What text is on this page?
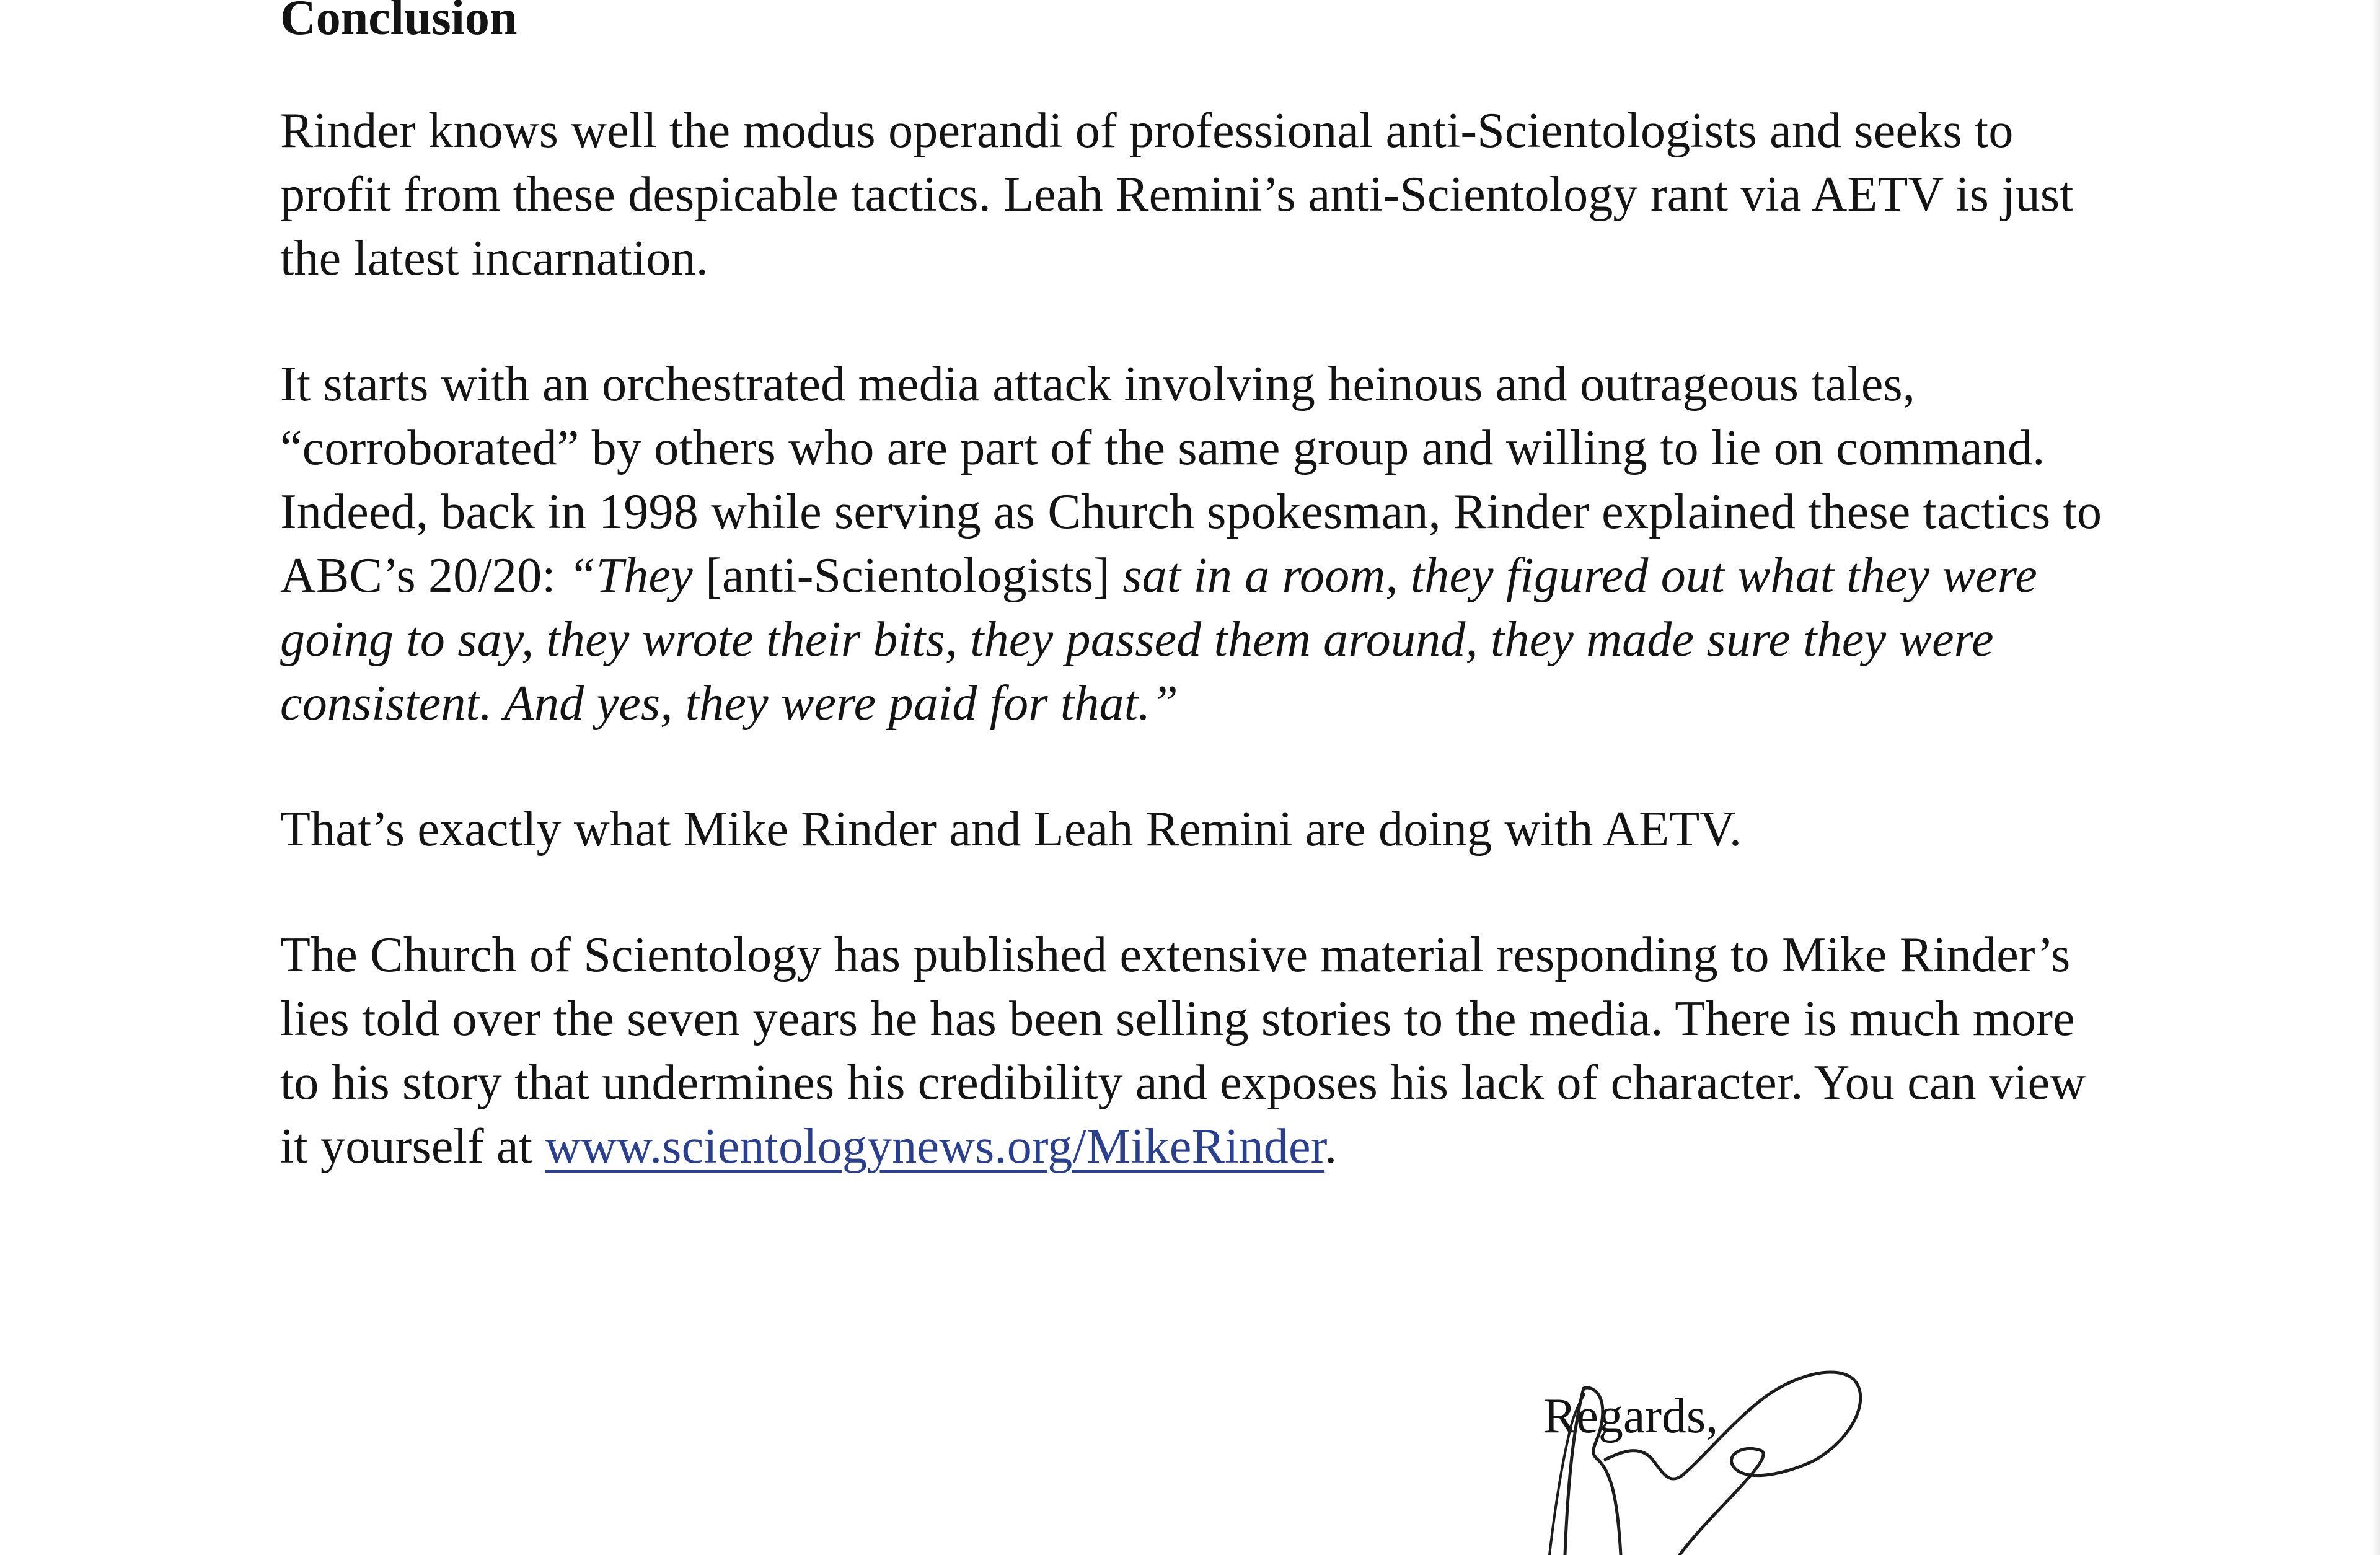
Conclusion

Rinder knows well the modus operandi of professional anti-Scientologists and seeks to profit from these despicable tactics. Leah Remini’s anti-Scientology rant via AETV is just the latest incarnation.

It starts with an orchestrated media attack involving heinous and outrageous tales, “corroborated” by others who are part of the same group and willing to lie on command. Indeed, back in 1998 while serving as Church spokesman, Rinder explained these tactics to ABC’s 20/20: “They [anti-Scientologists] sat in a room, they figured out what they were going to say, they wrote their bits, they passed them around, they made sure they were consistent. And yes, they were paid for that.”

That’s exactly what Mike Rinder and Leah Remini are doing with AETV.

The Church of Scientology has published extensive material responding to Mike Rinder’s lies told over the seven years he has been selling stories to the media. There is much more to his story that undermines his credibility and exposes his lack of character. You can view it yourself at www.scientologynews.org/MikeRinder.

Regards,
